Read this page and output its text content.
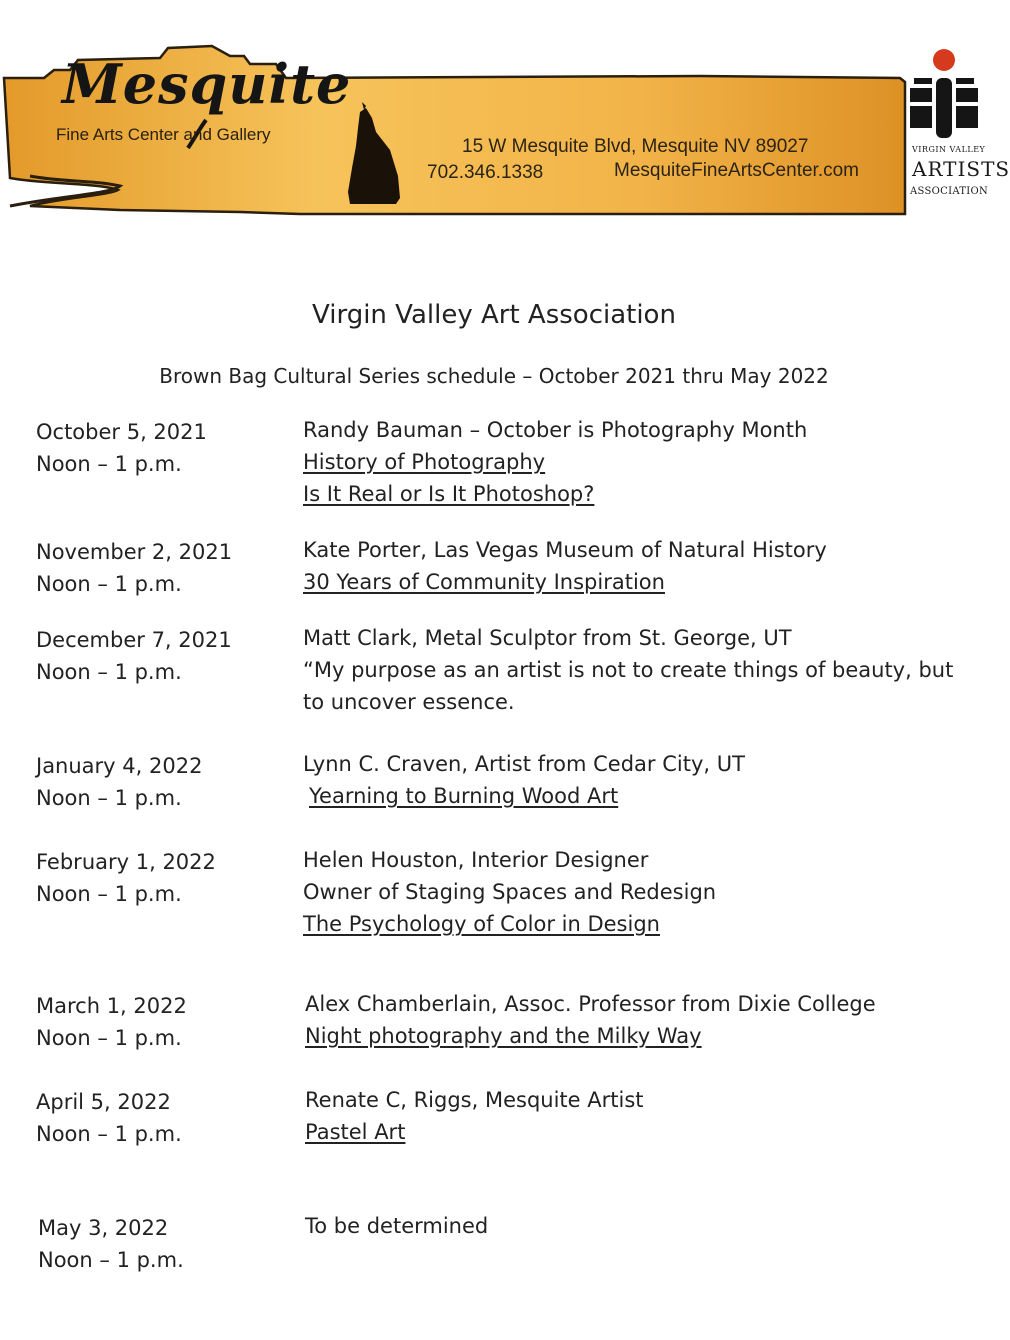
Mesquite
Fine Arts Center and Gallery
15 W Mesquite Blvd, Mesquite NV 89027
702.346.1338	MesquiteFineArtsCenter.com
VIRGIN VALLEY
ARTISTS
ASSOCIATION
Virgin Valley Art Association
Brown Bag Cultural Series schedule – October 2021 thru May 2022
October 5, 2021
Noon – 1 p.m.
Randy Bauman – October is Photography Month
History of Photography
Is It Real or Is It Photoshop?
November 2, 2021
Noon – 1 p.m.
Kate Porter, Las Vegas Museum of Natural History
30 Years of Community Inspiration
December 7, 2021
Noon – 1 p.m.
Matt Clark, Metal Sculptor from St. George, UT
“My purpose as an artist is not to create things of beauty, but to uncover essence.
January 4, 2022
Noon – 1 p.m.
Lynn C. Craven, Artist from Cedar City, UT
Yearning to Burning Wood Art
February 1, 2022
Noon – 1 p.m.
Helen Houston, Interior Designer
Owner of Staging Spaces and Redesign
The Psychology of Color in Design
March 1, 2022
Noon – 1 p.m.
Alex Chamberlain, Assoc. Professor from Dixie College
Night photography and the Milky Way
April 5, 2022
Noon – 1 p.m.
Renate C, Riggs, Mesquite Artist
Pastel Art
May 3, 2022
Noon – 1 p.m.
To be determined
